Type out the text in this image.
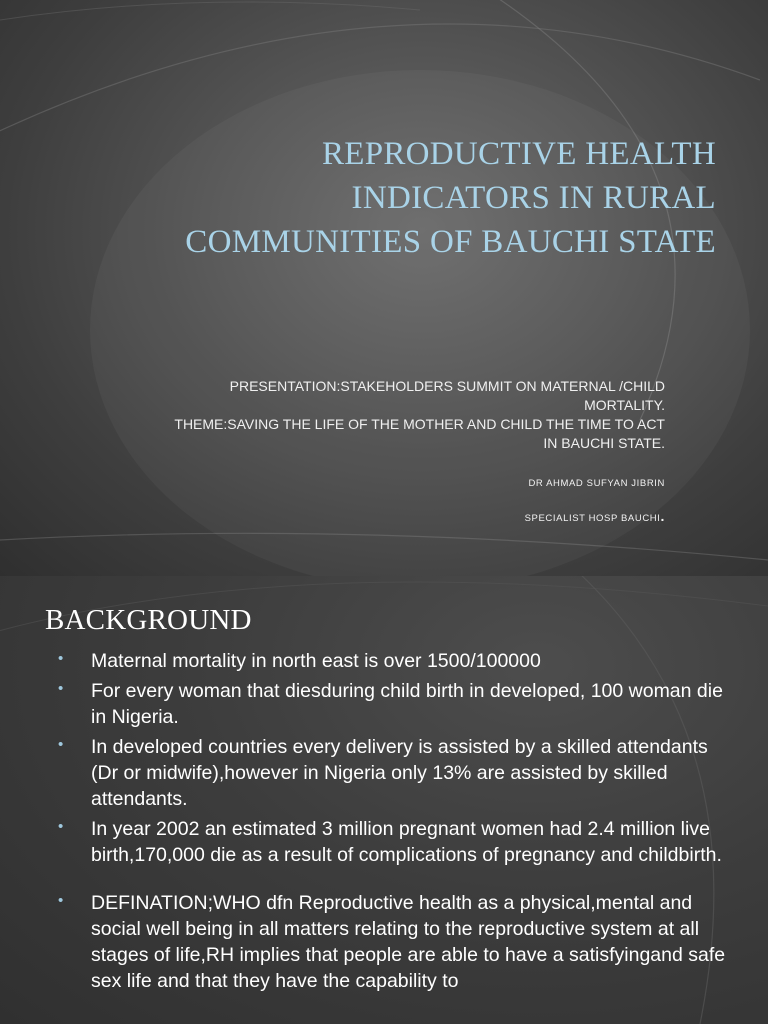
REPRODUCTIVE HEALTH
INDICATORS IN RURAL
COMMUNITIES OF BAUCHI STATE
PRESENTATION:STAKEHOLDERS SUMMIT ON MATERNAL /CHILD
MORTALITY.
THEME:SAVING THE LIFE OF THE MOTHER AND CHILD THE TIME TO ACT
IN BAUCHI STATE.
DR AHMAD SUFYAN JIBRIN
SPECIALIST HOSP BAUCHI.
BACKGROUND
• Maternal mortality in north east is over 1500/100000
• For every woman that diesduring child birth in developed, 100 woman die in Nigeria.
• In developed countries every delivery is assisted by a skilled attendants (Dr or midwife),however in Nigeria only 13% are assisted by skilled attendants.
• In year 2002 an estimated 3 million pregnant women had 2.4 million live birth,170,000 die as a result of complications of pregnancy and childbirth.
• DEFINATION;WHO dfn Reproductive health as a physical,mental and social well being in all matters relating to the reproductive system at all stages of life,RH implies that people are able to have a satisfyingand safe sex life and that they have the capability to
